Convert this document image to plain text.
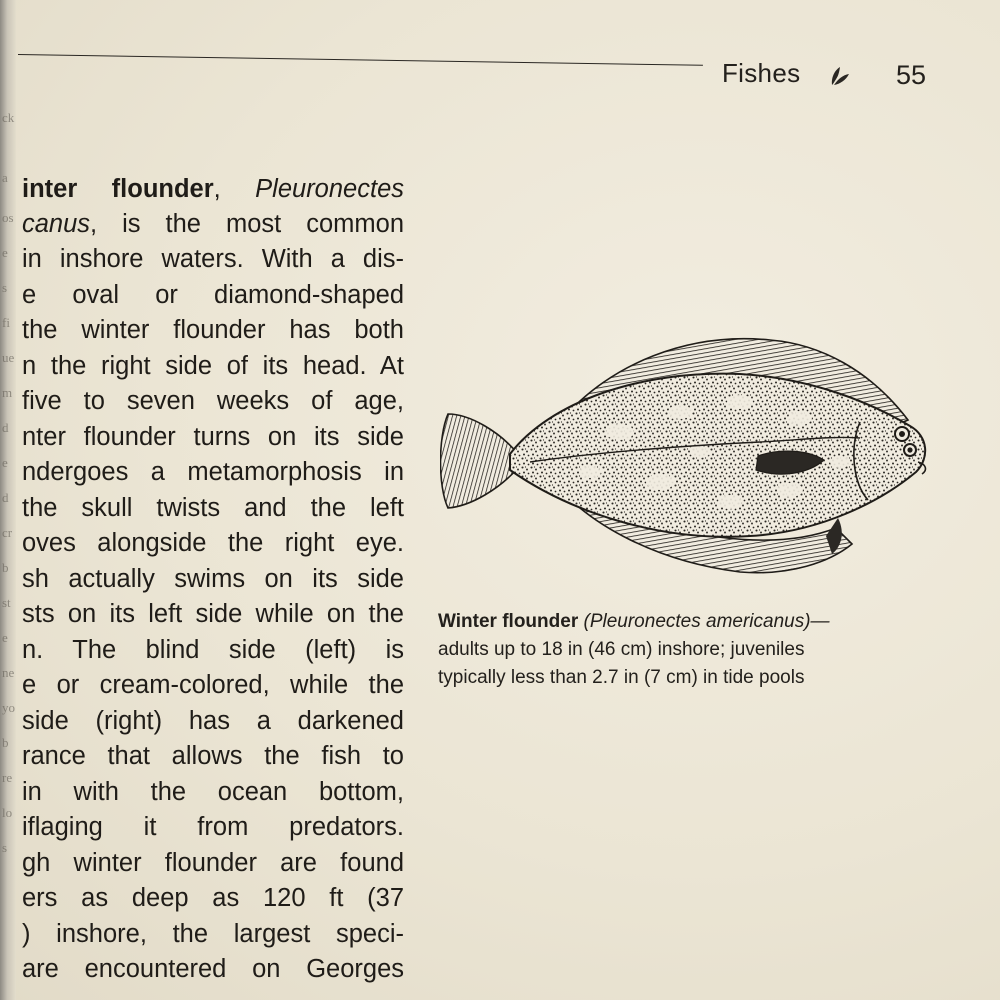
ck
a
os
e
s
fi
ue
m
d
e
d
cr
b
st
e
ne
yo
b
re
lo
s
Fishes	55
inter flounder, Pleuronectes
canus, is the most common
in inshore waters. With a dis-
e oval or diamond-shaped
the winter flounder has both
n the right side of its head. At
five to seven weeks of age,
nter flounder turns on its side
ndergoes a metamorphosis in
the skull twists and the left
oves alongside the right eye.
sh actually swims on its side
sts on its left side while on the
n. The blind side (left) is
e or cream-colored, while the
side (right) has a darkened
rance that allows the fish to
in with the ocean bottom,
iflaging it from predators.
gh winter flounder are found
ers as deep as 120 ft (37
) inshore, the largest speci-
are encountered on Georges
Winter flounder (Pleuronectes americanus)—
adults up to 18 in (46 cm) inshore; juveniles
typically less than 2.7 in (7 cm) in tide pools
